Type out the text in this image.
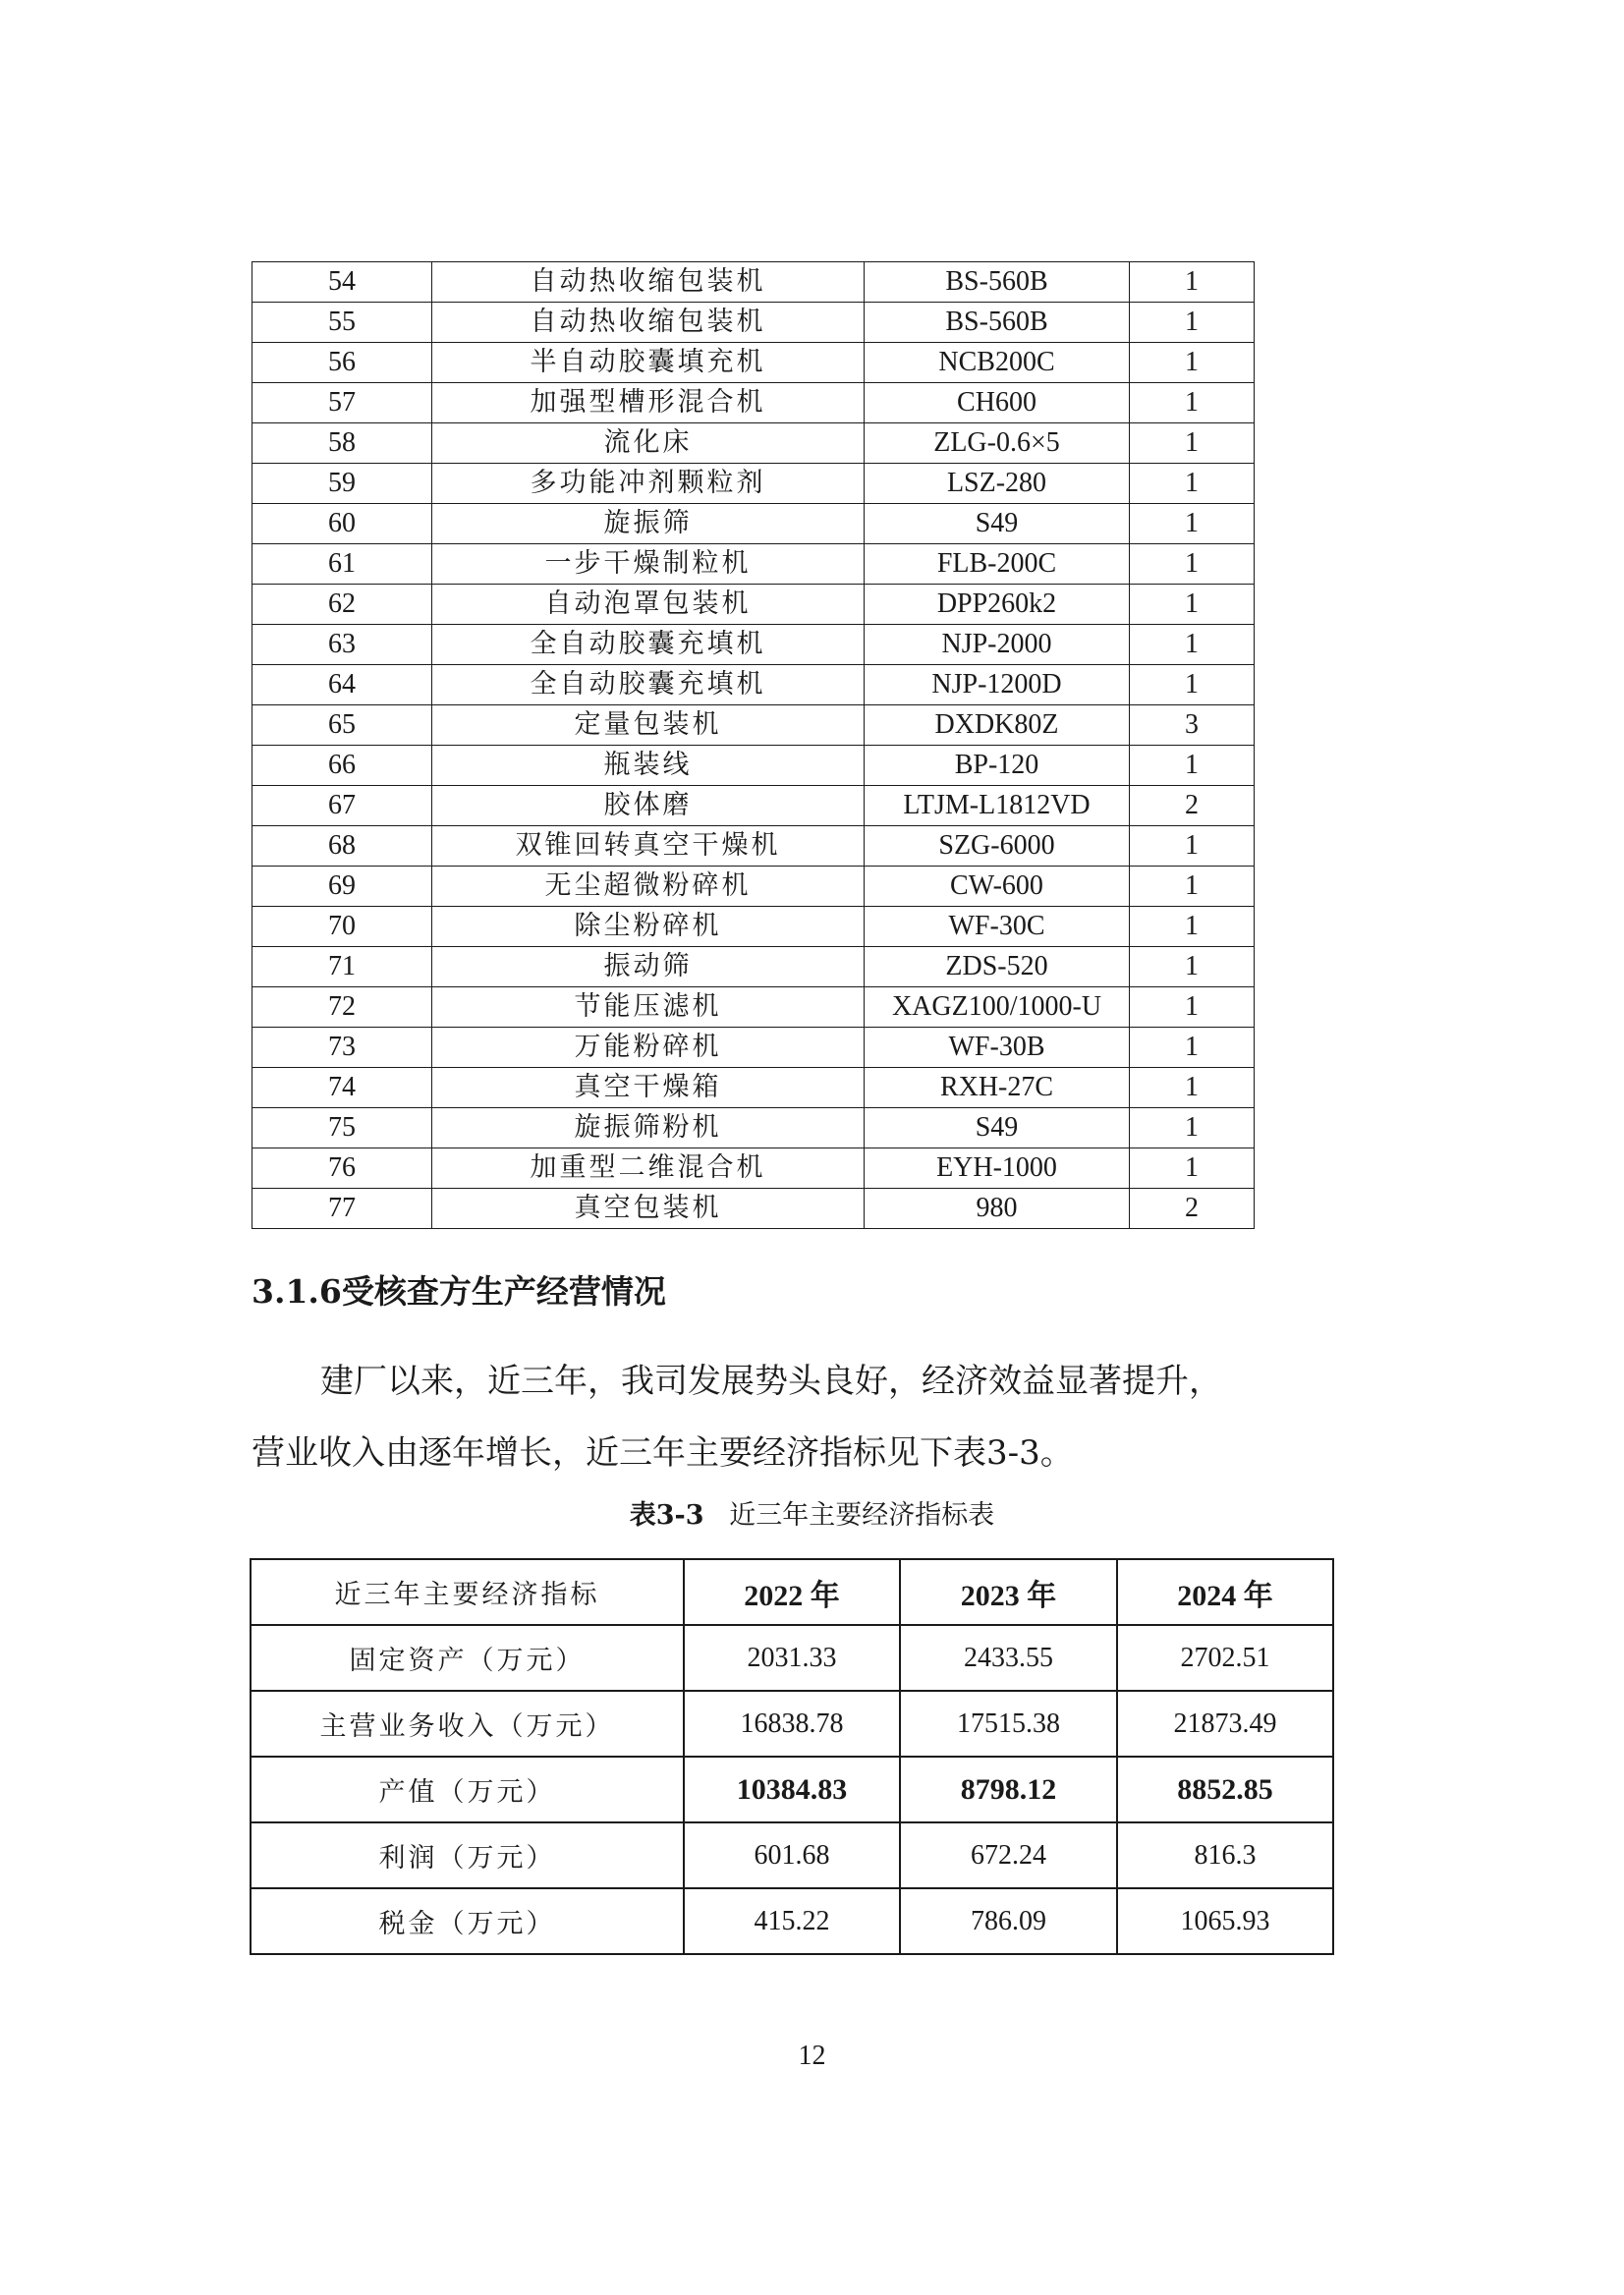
54	自动热收缩包装机	BS-560B	1
55	自动热收缩包装机	BS-560B	1
56	半自动胶囊填充机	NCB200C	1
57	加强型槽形混合机	CH600	1
58	流化床	ZLG-0.6×5	1
59	多功能冲剂颗粒剂	LSZ-280	1
60	旋振筛	S49	1
61	一步干燥制粒机	FLB-200C	1
62	自动泡罩包装机	DPP260k2	1
63	全自动胶囊充填机	NJP-2000	1
64	全自动胶囊充填机	NJP-1200D	1
65	定量包装机	DXDK80Z	3
66	瓶装线	BP-120	1
67	胶体磨	LTJM-L1812VD	2
68	双锥回转真空干燥机	SZG-6000	1
69	无尘超微粉碎机	CW-600	1
70	除尘粉碎机	WF-30C	1
71	振动筛	ZDS-520	1
72	节能压滤机	XAGZ100/1000-U	1
73	万能粉碎机	WF-30B	1
74	真空干燥箱	RXH-27C	1
75	旋振筛粉机	S49	1
76	加重型二维混合机	EYH-1000	1
77	真空包装机	980	2
3.1.6受核查方生产经营情况
建厂以来，近三年，我司发展势头良好，经济效益显著提升，
营业收入由逐年增长，近三年主要经济指标见下表3-3。
表3-3 近三年主要经济指标表
近三年主要经济指标	2022 年	2023 年	2024 年
固定资产（万元）	2031.33	2433.55	2702.51
主营业务收入（万元）	16838.78	17515.38	21873.49
产值（万元）	10384.83	8798.12	8852.85
利润（万元）	601.68	672.24	816.3
税金（万元）	415.22	786.09	1065.93
12
